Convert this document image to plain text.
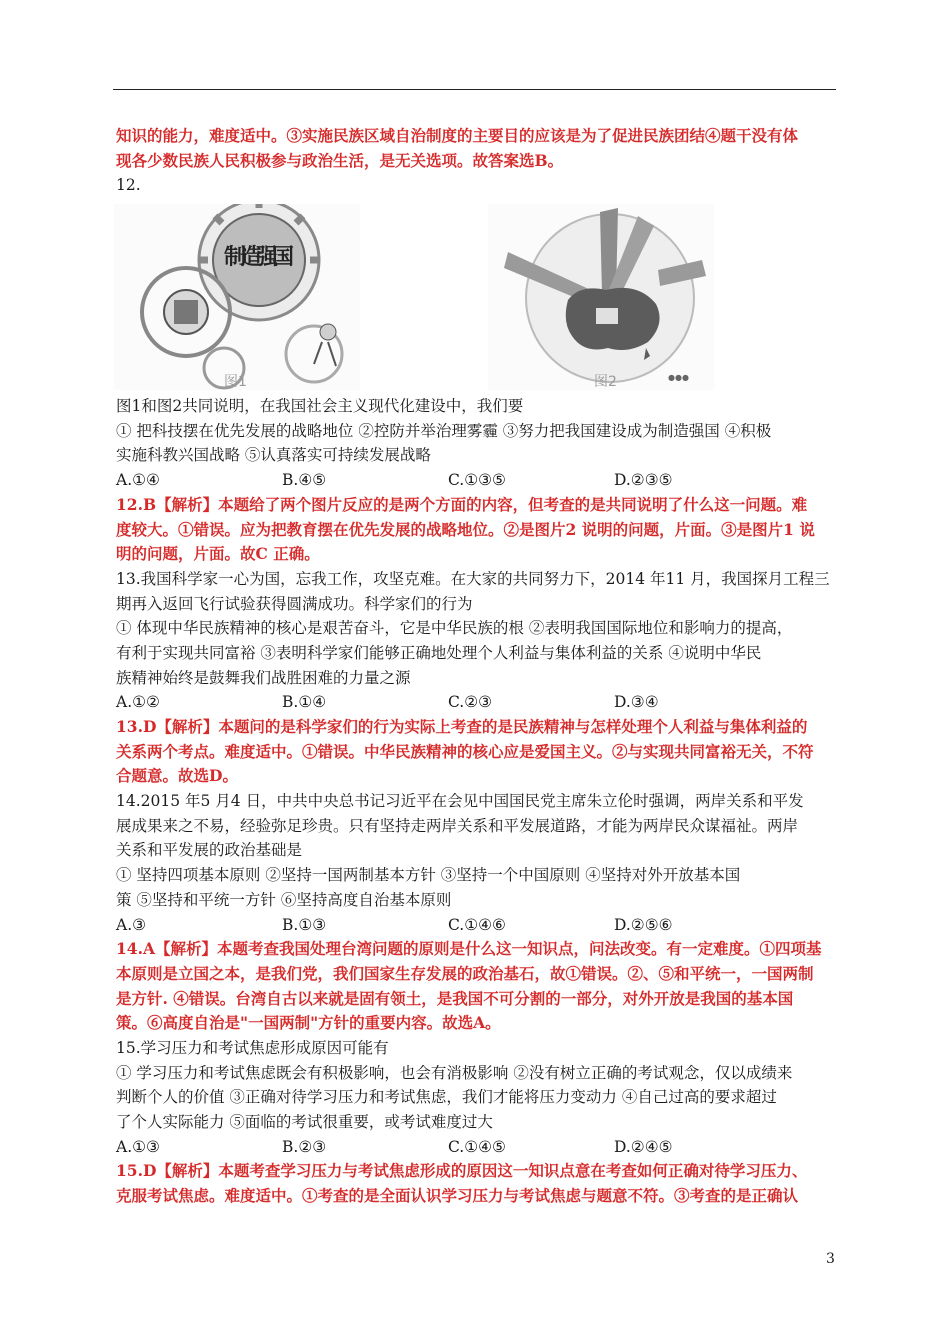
知识的能力，难度适中。③实施民族区域自治制度的主要目的应该是为了促进民族团结④题干没有体
现各少数民族人民积极参与政治生活，是无关选项。故答案选B。
12.
制造强国
图1	●●●
图2
图1和图2共同说明，在我国社会主义现代化建设中，我们要
① 把科技摆在优先发展的战略地位 ②控防并举治理雾霾 ③努力把我国建设成为制造强国 ④积极
实施科教兴国战略 ⑤认真落实可持续发展战略
A.①④	B.④⑤	C.①③⑤	D.②③⑤
12.B【解析】本题给了两个图片反应的是两个方面的内容，但考查的是共同说明了什么这一问题。难
度较大。①错误。应为把教育摆在优先发展的战略地位。②是图片2 说明的问题，片面。③是图片1 说
明的问题，片面。故C 正确。
13.我国科学家一心为国，忘我工作，攻坚克难。在大家的共同努力下，2014 年11 月，我国探月工程三
期再入返回飞行试验获得圆满成功。科学家们的行为
① 体现中华民族精神的核心是艰苦奋斗，它是中华民族的根 ②表明我国国际地位和影响力的提高，
有利于实现共同富裕 ③表明科学家们能够正确地处理个人利益与集体利益的关系 ④说明中华民
族精神始终是鼓舞我们战胜困难的力量之源
A.①②	B.①④	C.②③	D.③④
13.D【解析】本题问的是科学家们的行为实际上考查的是民族精神与怎样处理个人利益与集体利益的
关系两个考点。难度适中。①错误。中华民族精神的核心应是爱国主义。②与实现共同富裕无关，不符
合题意。故选D。
14.2015 年5 月4 日，中共中央总书记习近平在会见中国国民党主席朱立伦时强调，两岸关系和平发
展成果来之不易，经验弥足珍贵。只有坚持走两岸关系和平发展道路，才能为两岸民众谋福祉。两岸
关系和平发展的政治基础是
① 坚持四项基本原则 ②坚持一国两制基本方针 ③坚持一个中国原则 ④坚持对外开放基本国
策 ⑤坚持和平统一方针 ⑥坚持高度自治基本原则
A.③	B.①③	C.①④⑥	D.②⑤⑥
14.A【解析】本题考查我国处理台湾问题的原则是什么这一知识点，问法改变。有一定难度。①四项基
本原则是立国之本，是我们党，我们国家生存发展的政治基石，故①错误。②、⑤和平统一，一国两制
是方针. ④错误。台湾自古以来就是固有领土，是我国不可分割的一部分，对外开放是我国的基本国
策。⑥高度自治是"一国两制"方针的重要内容。故选A。
15.学习压力和考试焦虑形成原因可能有
① 学习压力和考试焦虑既会有积极影响，也会有消极影响 ②没有树立正确的考试观念，仅以成绩来
判断个人的价值 ③正确对待学习压力和考试焦虑，我们才能将压力变动力 ④自己过高的要求超过
了个人实际能力 ⑤面临的考试很重要，或考试难度过大
A.①③	B.②③	C.①④⑤	D.②④⑤
15.D【解析】本题考查学习压力与考试焦虑形成的原因这一知识点意在考查如何正确对待学习压力、
克服考试焦虑。难度适中。①考查的是全面认识学习压力与考试焦虑与题意不符。③考查的是正确认
3
